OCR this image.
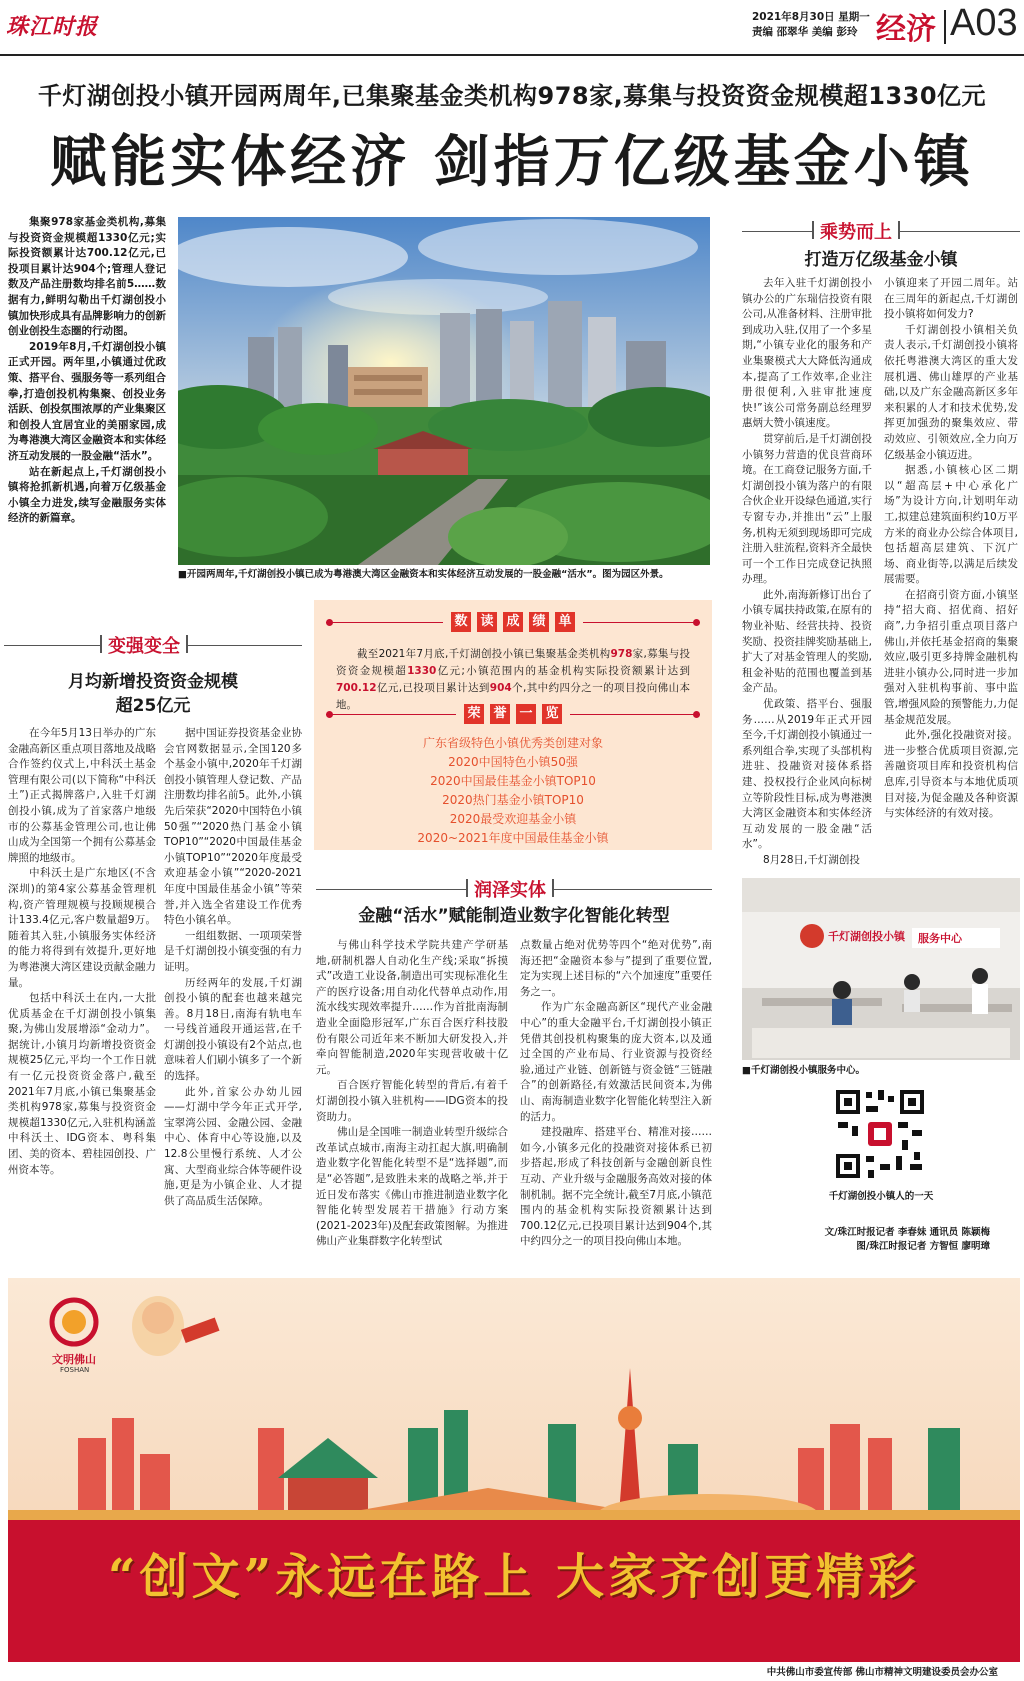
珠江时报	2021年8月30日 星期一
责编 邵翠华 美编 彭玲 经济 A03
千灯湖创投小镇开园两周年,已集聚基金类机构978家,募集与投资资金规模超1330亿元
赋能实体经济 剑指万亿级基金小镇

集聚978家基金类机构,募集与投资资金规模超1330亿元;实际投资额累计达700.12亿元,已投项目累计达904个;管理人登记数及产品注册数均排名前5……数据有力,鲜明勾勒出千灯湖创投小镇加快形成具有品牌影响力的创新创业创投生态圈的行动图。

2019年8月,千灯湖创投小镇正式开园。两年里,小镇通过优政策、搭平台、强服务等一系列组合拳,打造创投机构集聚、创投业务活跃、创投氛围浓厚的产业集聚区和创投人宜居宜业的美丽家园,成为粤港澳大湾区金融资本和实体经济互动发展的一股金融“活水”。

站在新起点上,千灯湖创投小镇将抢抓新机遇,向着万亿级基金小镇全力进发,续写金融服务实体经济的新篇章。

■开园两周年,千灯湖创投小镇已成为粤港澳大湾区金融资本和实体经济互动发展的一股金融“活水”。图为园区外景。
乘势而上
打造万亿级基金小镇

去年入驻千灯湖创投小镇办公的广东瑞信投资有限公司,从准备材料、注册审批到成功入驻,仅用了一个多星期,“小镇专业化的服务和产业集聚模式大大降低沟通成本,提高了工作效率,企业注册很便利,入驻审批速度快!”该公司常务副总经理罗惠炳大赞小镇速度。

贯穿前后,是千灯湖创投小镇努力营造的优良营商环境。在工商登记服务方面,千灯湖创投小镇为落户的有限合伙企业开设绿色通道,实行专窗专办,并推出“云”上服务,机构无须到现场即可完成注册入驻流程,资料齐全最快可一个工作日完成登记执照办理。

此外,南海新修订出台了小镇专属扶持政策,在原有的物业补贴、经营扶持、投资奖励、投资挂牌奖励基础上,扩大了对基金管理人的奖励,租金补贴的范围也覆盖到基金产品。

优政策、搭平台、强服务……从2019年正式开园至今,千灯湖创投小镇通过一系列组合拳,实现了头部机构进驻、投融资对接体系搭建、投权投行企业风向标树立等阶段性目标,成为粤港澳大湾区金融资本和实体经济互动发展的一股金融“活水”。

8月28日,千灯湖创投

小镇迎来了开园二周年。站在三周年的新起点,千灯湖创投小镇将如何发力?

千灯湖创投小镇相关负责人表示,千灯湖创投小镇将依托粤港澳大湾区的重大发展机遇、佛山雄厚的产业基础,以及广东金融高新区多年来积累的人才和技术优势,发挥更加强劲的聚集效应、带动效应、引领效应,全力向万亿级基金小镇迈进。

据悉,小镇核心区二期以“超高层+中心承化广场”为设计方向,计划明年动工,拟建总建筑面积约10万平方米的商业办公综合体项目,包括超高层建筑、下沉广场、商业街等,以满足后续发展需要。

在招商引资方面,小镇坚持“招大商、招优商、招好商”,力争招引重点项目落户佛山,并依托基金招商的集聚效应,吸引更多持牌金融机构进驻小镇办公,同时进一步加强对入驻机构事前、事中监管,增强风险的预警能力,力促基金规范发展。

此外,强化投融资对接。进一步整合优质项目资源,完善融资项目库和投资机构信息库,引导资本与本地优质项目对接,为促金融及各种资源与实体经济的有效对接。

数 读 成 绩 单
截至2021年7月底,千灯湖创投小镇已集聚基金类机构978家,募集与投资资金规模超1330亿元;小镇范围内的基金机构实际投资额累计达到700.12亿元,已投项目累计达到904个,其中约四分之一的项目投向佛山本地。
荣 誉 一 览
广东省级特色小镇优秀类创建对象
2020中国特色小镇50强
2020中国最佳基金小镇TOP10
2020热门基金小镇TOP10
2020最受欢迎基金小镇
2020~2021年度中国最佳基金小镇
变强变全
月均新增投资资金规模
超25亿元

在今年5月13日举办的广东金融高新区重点项目落地及战略合作签约仪式上,中科沃土基金管理有限公司(以下简称“中科沃土”)正式揭牌落户,入驻千灯湖创投小镇,成为了首家落户地级市的公募基金管理公司,也让佛山成为全国第一个拥有公募基金牌照的地级市。

中科沃土是广东地区(不含深圳)的第4家公募基金管理机构,资产管理规模与投顾规模合计133.4亿元,客户数量超9万。随着其入驻,小镇服务实体经济的能力将得到有效提升,更好地为粤港澳大湾区建设贡献金融力量。

包括中科沃土在内,一大批优质基金在千灯湖创投小镇集聚,为佛山发展增添“金动力”。据统计,小镇月均新增投资资金规模25亿元,平均一个工作日就有一亿元投资资金落户,截至2021年7月底,小镇已集聚基金类机构978家,募集与投资资金规模超1330亿元,入驻机构涵盖中科沃土、IDG资本、粤科集团、美的资本、碧桂园创投、广州资本等。

据中国证券投资基金业协会官网数据显示,全国120多个基金小镇中,2020年千灯湖创投小镇管理人登记数、产品注册数均排名前5。此外,小镇先后荣获“2020中国特色小镇50强”“2020热门基金小镇TOP10”“2020中国最佳基金小镇TOP10”“2020年度最受欢迎基金小镇”“2020-2021年度中国最佳基金小镇”等荣誉,并入选全省建设工作优秀特色小镇名单。

一组组数据、一项项荣誉是千灯湖创投小镇变强的有力证明。

历经两年的发展,千灯湖创投小镇的配套也越来越完善。8月18日,南海有轨电车一号线首通段开通运营,在千灯湖创投小镇设有2个站点,也意味着人们刷小镇多了一个新的选择。

此外,首家公办幼儿园——灯湖中学今年正式开学,宝翠湾公园、金融公园、金融中心、体育中心等设施,以及12.8公里慢行系统、人才公寓、大型商业综合体等硬件设施,更是为小镇企业、人才提供了高品质生活保障。

润泽实体
金融“活水”赋能制造业数字化智能化转型

与佛山科学技术学院共建产学研基地,研制机器人自动化生产线;采取“拆摸式”改造工业设备,制造出可实现标准化生产的医疗设备;用自动化代替单点动作,用流水线实现效率提升……作为首批南海制造业全面隐形冠军,广东百合医疗科技股份有限公司近年来不断加大研发投入,并牵向智能制造,2020年实现营收破十亿元。

百合医疗智能化转型的背后,有着千灯湖创投小镇入驻机构——IDG资本的投资助力。

佛山是全国唯一制造业转型升级综合改革试点城市,南海主动扛起大旗,明确制造业数字化智能化转型不是“选择题”,而是“必答题”,是致胜未来的战略之举,并于近日发布落实《佛山市推进制造业数字化智能化转型发展若干措施》行动方案(2021-2023年)及配套政策图解。为推进佛山产业集群数字化转型试

点数量占绝对优势等四个“绝对优势”,南海还把“金融资本参与”提到了重要位置,定为实现上述目标的“六个加速度”重要任务之一。

作为广东金融高新区“现代产业金融中心”的重大金融平台,千灯湖创投小镇正凭借其创投机构聚集的庞大资本,以及通过全国的产业布局、行业资源与投资经验,通过产业链、创新链与资金链“三链融合”的创新路径,有效激活民间资本,为佛山、南海制造业数字化智能化转型注入新的活力。

建投融库、搭建平台、精准对接……如今,小镇多元化的投融资对接体系已初步搭起,形成了科技创新与金融创新良性互动、产业升级与金融服务高效对接的体制机制。据不完全统计,截至7月底,小镇范围内的基金机构实际投资额累计达到700.12亿元,已投项目累计达到904个,其中约四分之一的项目投向佛山本地。

千灯湖创投小镇 服务中心
■千灯湖创投小镇服务中心。
千灯湖创投小镇人的一天
文/珠江时报记者 李春妹 通讯员 陈颖梅
图/珠江时报记者 方智恒 廖明璋
文明佛山
FOSHAN
“创文”永远在路上 大家齐创更精彩
中共佛山市委宣传部 佛山市精神文明建设委员会办公室
